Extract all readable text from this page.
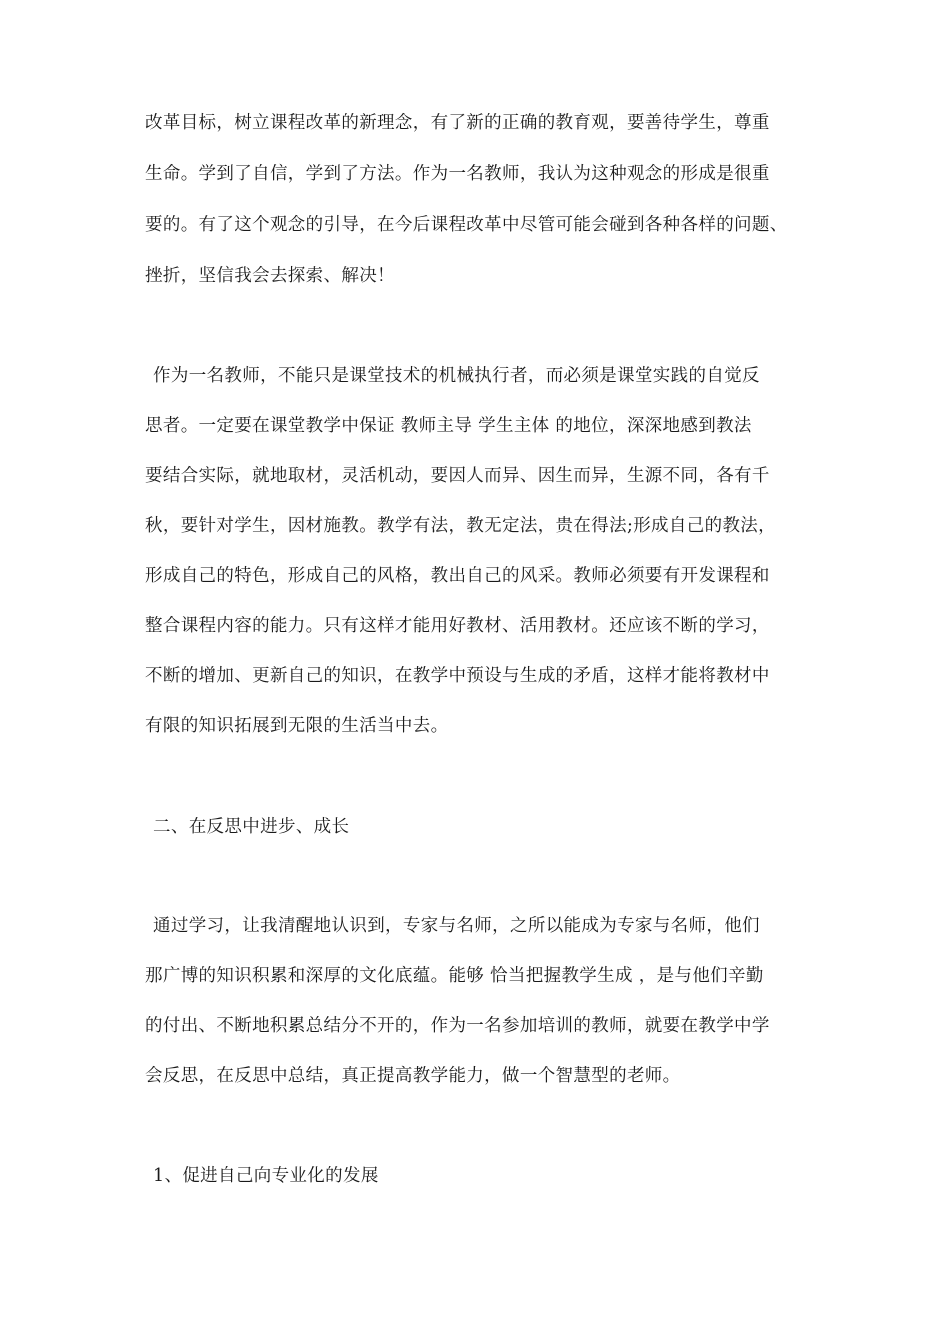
改革目标，树立课程改革的新理念，有了新的正确的教育观，要善待学生，尊重
生命。学到了自信，学到了方法。作为一名教师，我认为这种观念的形成是很重
要的。有了这个观念的引导，在今后课程改革中尽管可能会碰到各种各样的问题、
挫折，坚信我会去探索、解决！
作为一名教师，不能只是课堂技术的机械执行者，而必须是课堂实践的自觉反
思者。一定要在课堂教学中保证 教师主导 学生主体 的地位，深深地感到教法
要结合实际，就地取材，灵活机动，要因人而异、因生而异，生源不同，各有千
秋，要针对学生，因材施教。教学有法，教无定法，贵在得法;形成自己的教法，
形成自己的特色，形成自己的风格，教出自己的风采。教师必须要有开发课程和
整合课程内容的能力。只有这样才能用好教材、活用教材。还应该不断的学习，
不断的增加、更新自己的知识，在教学中预设与生成的矛盾，这样才能将教材中
有限的知识拓展到无限的生活当中去。
二、在反思中进步、成长
通过学习，让我清醒地认识到，专家与名师，之所以能成为专家与名师，他们
那广博的知识积累和深厚的文化底蕴。能够 恰当把握教学生成 ，是与他们辛勤
的付出、不断地积累总结分不开的，作为一名参加培训的教师，就要在教学中学
会反思，在反思中总结，真正提高教学能力，做一个智慧型的老师。
1、促进自己向专业化的发展
